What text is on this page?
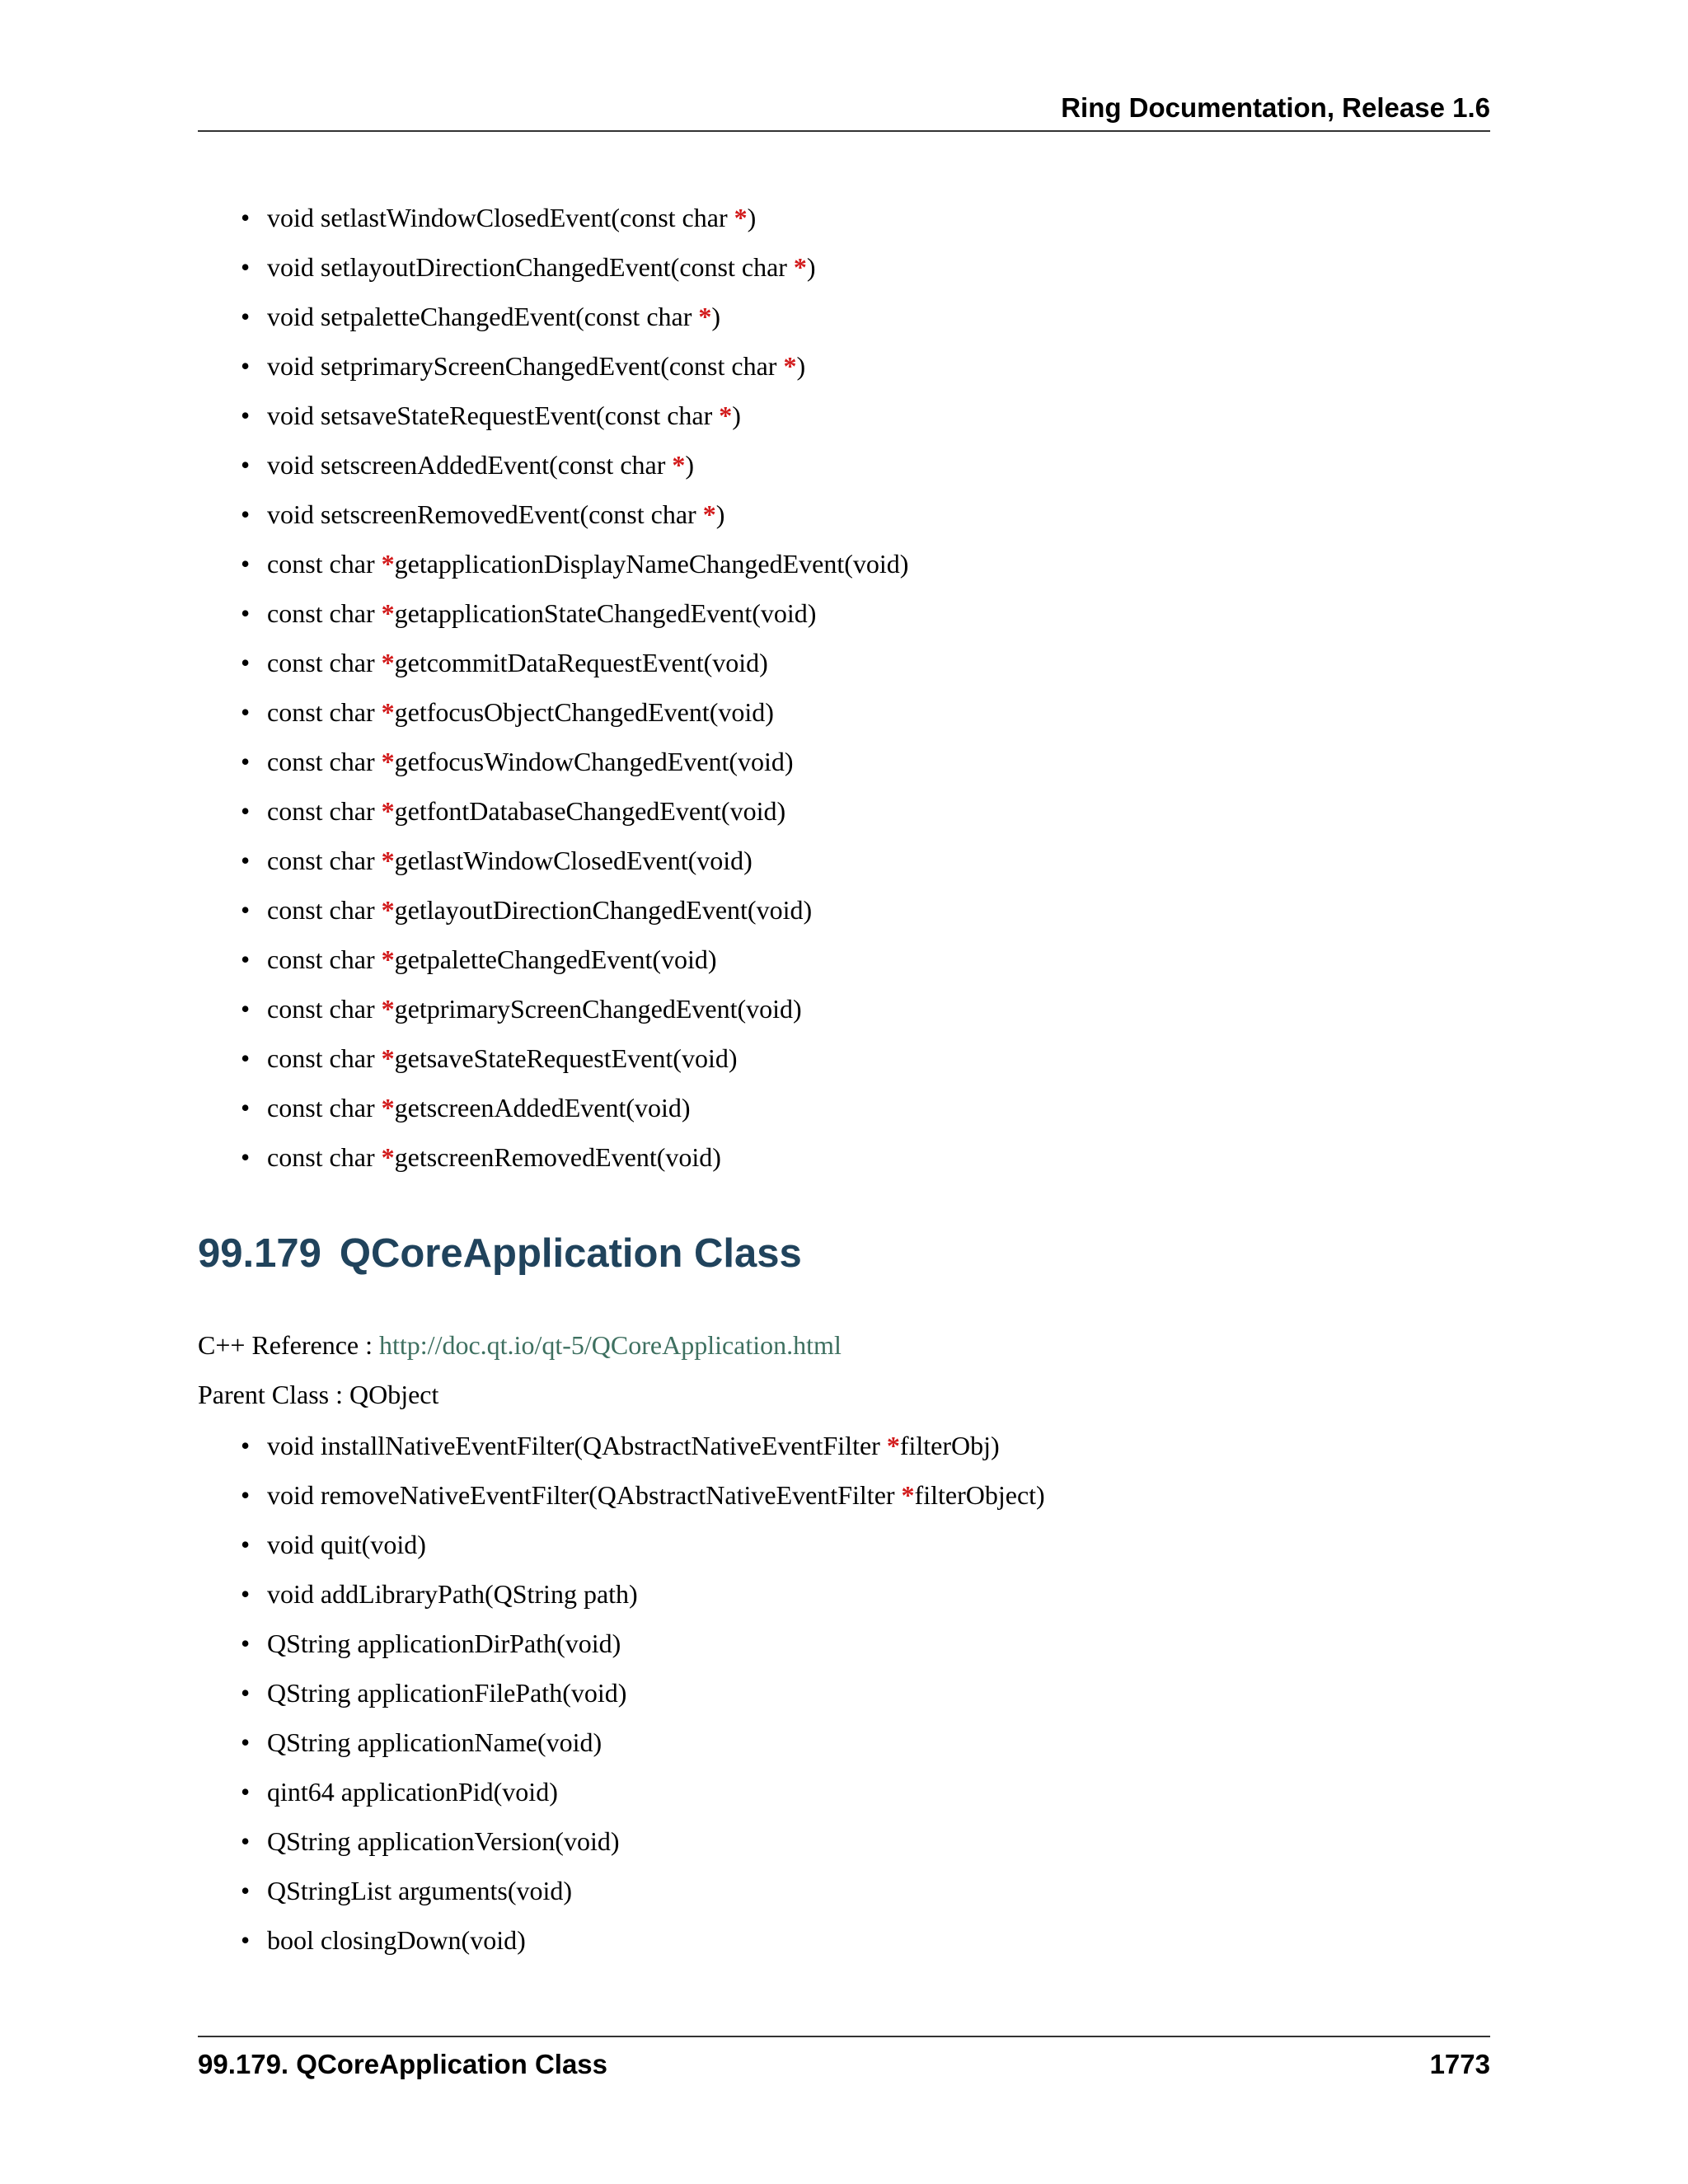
Ring Documentation, Release 1.6
• void setlastWindowClosedEvent(const char *)
• void setlayoutDirectionChangedEvent(const char *)
• void setpaletteChangedEvent(const char *)
• void setprimaryScreenChangedEvent(const char *)
• void setsaveStateRequestEvent(const char *)
• void setscreenAddedEvent(const char *)
• void setscreenRemovedEvent(const char *)
• const char *getapplicationDisplayNameChangedEvent(void)
• const char *getapplicationStateChangedEvent(void)
• const char *getcommitDataRequestEvent(void)
• const char *getfocusObjectChangedEvent(void)
• const char *getfocusWindowChangedEvent(void)
• const char *getfontDatabaseChangedEvent(void)
• const char *getlastWindowClosedEvent(void)
• const char *getlayoutDirectionChangedEvent(void)
• const char *getpaletteChangedEvent(void)
• const char *getprimaryScreenChangedEvent(void)
• const char *getsaveStateRequestEvent(void)
• const char *getscreenAddedEvent(void)
• const char *getscreenRemovedEvent(void)
99.179 QCoreApplication Class
C++ Reference : http://doc.qt.io/qt-5/QCoreApplication.html
Parent Class : QObject
• void installNativeEventFilter(QAbstractNativeEventFilter *filterObj)
• void removeNativeEventFilter(QAbstractNativeEventFilter *filterObject)
• void quit(void)
• void addLibraryPath(QString path)
• QString applicationDirPath(void)
• QString applicationFilePath(void)
• QString applicationName(void)
• qint64 applicationPid(void)
• QString applicationVersion(void)
• QStringList arguments(void)
• bool closingDown(void)
99.179. QCoreApplication Class	1773
